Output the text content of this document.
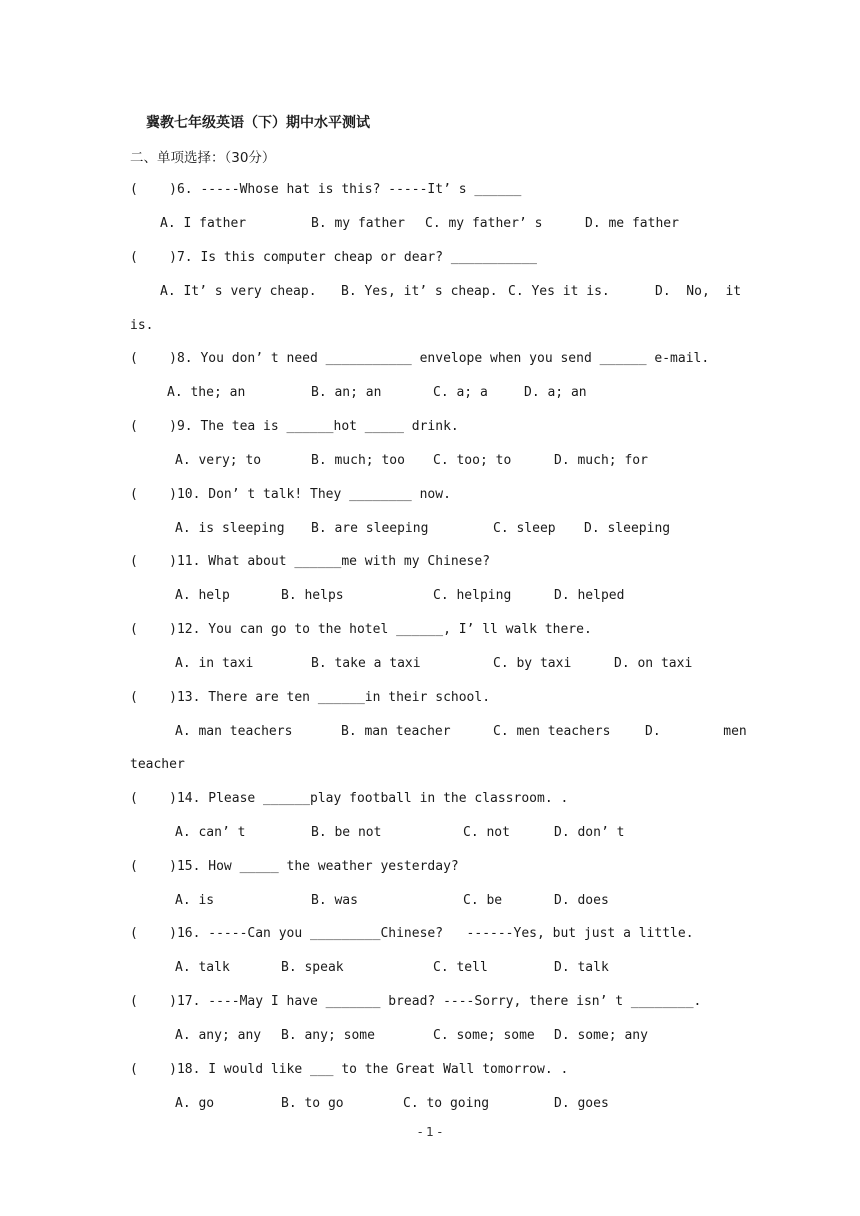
冀教七年级英语（下）期中水平测试
二、单项选择：（30分）
(    )6. -----Whose hat is this? -----It’ s ______
A. I father	B. my father C. my father’ s	D. me father
(    )7. Is this computer cheap or dear? ___________
A. It’ s very cheap. B. Yes, it’ s cheap. C. Yes it is.	D.  No,  it
is.
(    )8. You don’ t need ___________ envelope when you send ______ e-mail.
A. the; an	B. an; an	C. a; a	D. a; an
(    )9. The tea is ______hot _____ drink.
A. very; to	B. much; too C. too; to	D. much; for
(    )10. Don’ t talk! They ________ now.
A. is sleeping B. are sleeping	C. sleep D. sleeping
(    )11. What about ______me with my Chinese?
A. help	B. helps	C. helping	D. helped
(    )12. You can go to the hotel ______, I’ ll walk there.
A. in taxi	B. take a taxi	C. by taxi	D. on taxi
(    )13. There are ten ______in their school.
A. man teachers	B. man teacher	C. men teachers	D.        men
teacher
(    )14. Please ______play football in the classroom. .
A. can’ t	B. be not	C. not	D. don’ t
(    )15. How _____ the weather yesterday?
A. is	B. was	C. be	D. does
(    )16. -----Can you _________Chinese?   ------Yes, but just a little.
A. talk	B. speak	C. tell	D. talk
(    )17. ----May I have _______ bread? ----Sorry, there isn’ t ________.
A. any; any B. any; some	C. some; some D. some; any
(    )18. I would like ___ to the Great Wall tomorrow. .
A. go	B. to go	C. to going	D. goes
- 1 -
